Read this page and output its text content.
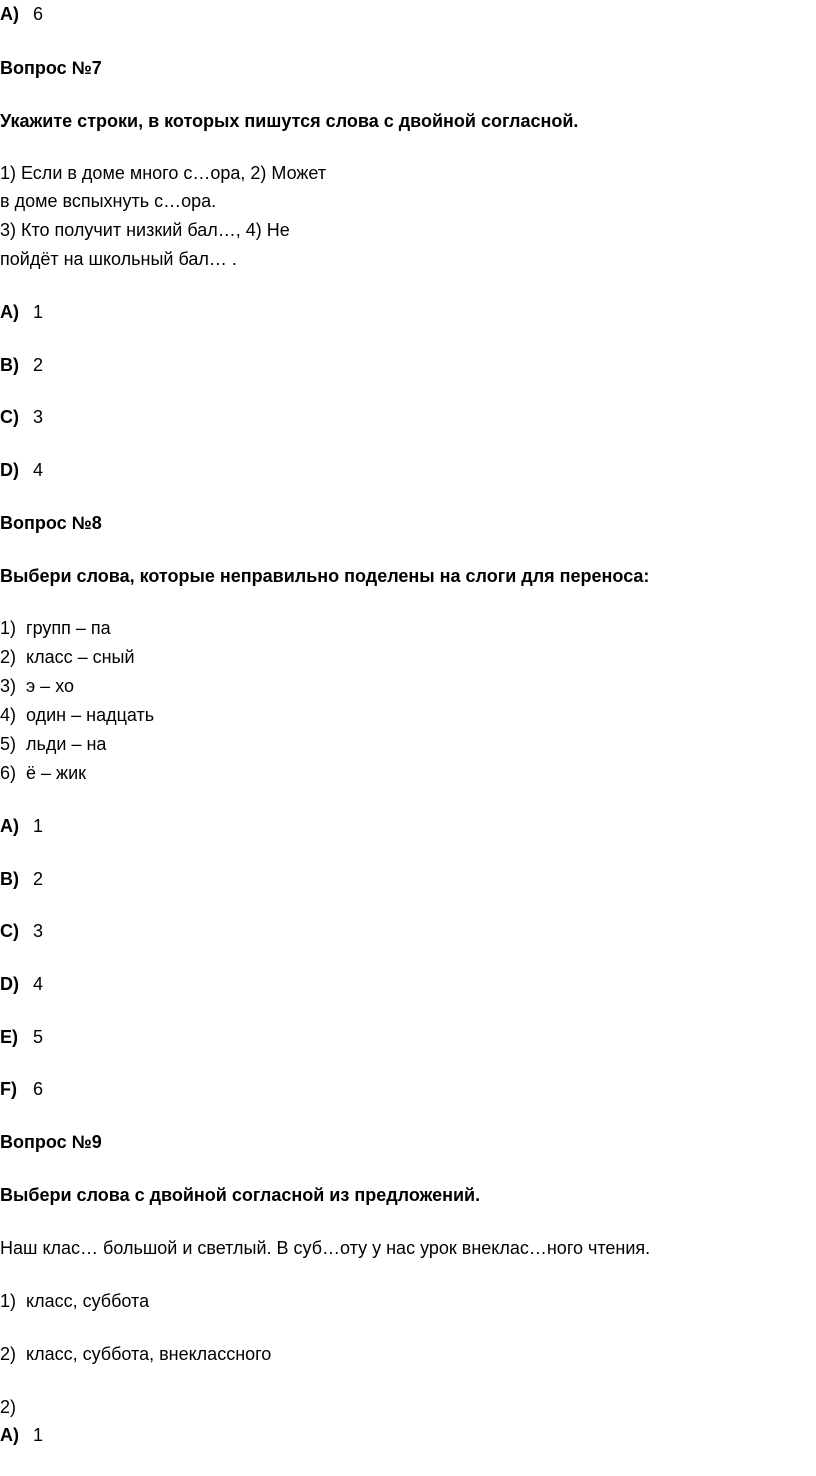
A) 6
Вопрос №7
Укажите строки, в которых пишутся слова с двойной согласной.
1) Если в доме много с…ора, 2) Может
в доме вспыхнуть с…ора.
3) Кто получит низкий бал…, 4) Не
пойдёт на школьный бал… .
A) 1
B) 2
C) 3
D) 4
Вопрос №8
Выбери слова, которые неправильно поделены на слоги для переноса:
1) групп – па
2) класс – сный
3) э – хо
4) один – надцать
5) льди – на
6) ё – жик
A) 1
B) 2
C) 3
D) 4
E) 5
F) 6
Вопрос №9
Выбери слова с двойной согласной из предложений.
Наш клас… большой и светлый. В суб…оту у нас урок внеклас…ного чтения.
1) класс, суббота
2) класс, суббота, внеклассного
2)
A) 1
